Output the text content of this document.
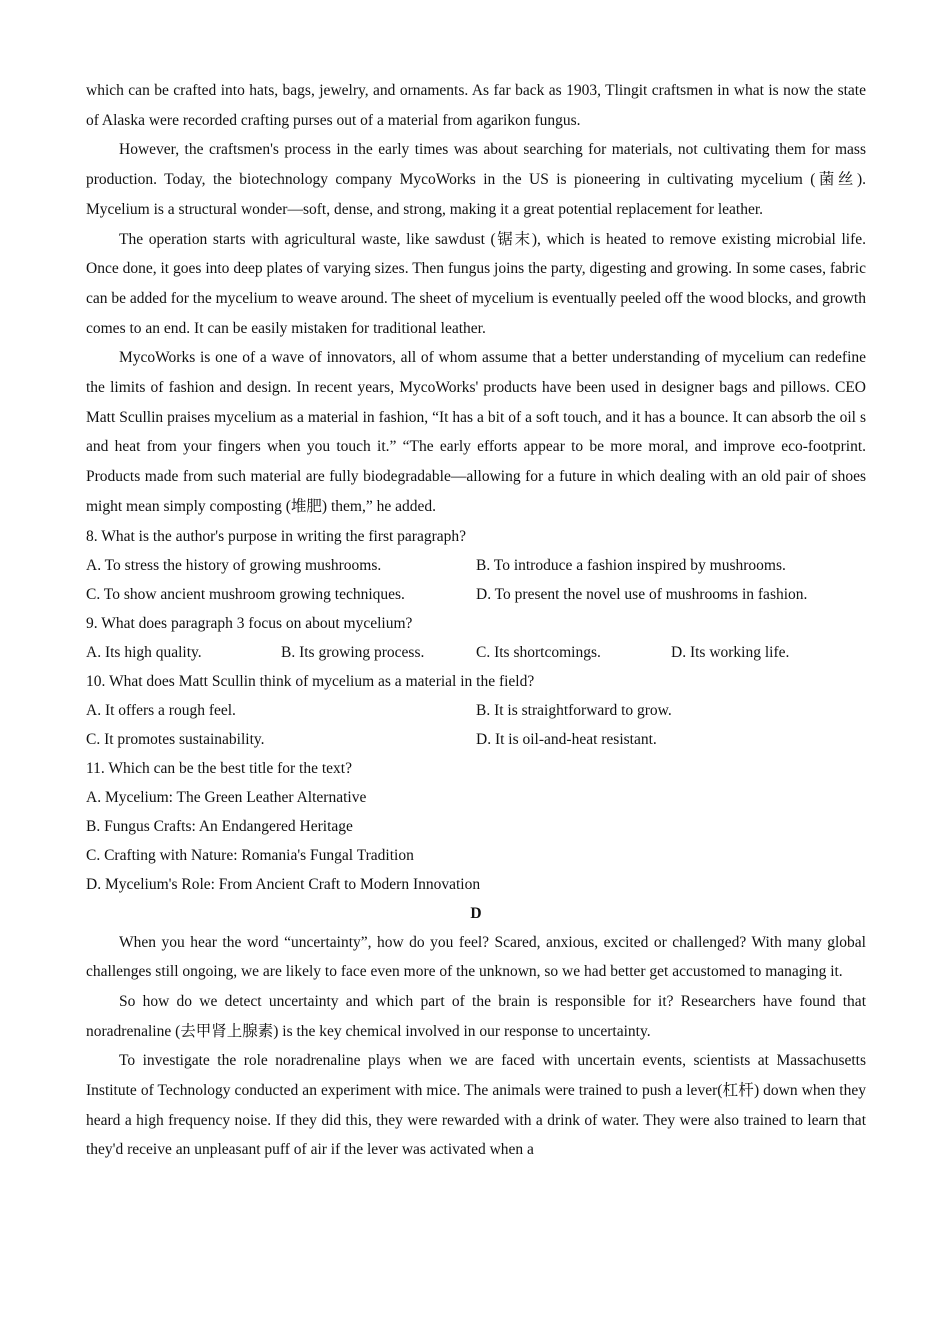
which can be crafted into hats, bags, jewelry, and ornaments. As far back as 1903, Tlingit craftsmen in what is now the state of Alaska were recorded crafting purses out of a material from agarikon fungus.

However, the craftsmen's process in the early times was about searching for materials, not cultivating them for mass production. Today, the biotechnology company MycoWorks in the US is pioneering in cultivating mycelium (菌丝). Mycelium is a structural wonder—soft, dense, and strong, making it a great potential replacement for leather.

The operation starts with agricultural waste, like sawdust (锯末), which is heated to remove existing microbial life. Once done, it goes into deep plates of varying sizes. Then fungus joins the party, digesting and growing. In some cases, fabric can be added for the mycelium to weave around. The sheet of mycelium is eventually peeled off the wood blocks, and growth comes to an end. It can be easily mistaken for traditional leather.

MycoWorks is one of a wave of innovators, all of whom assume that a better understanding of mycelium can redefine the limits of fashion and design. In recent years, MycoWorks' products have been used in designer bags and pillows. CEO Matt Scullin praises mycelium as a material in fashion, “It has a bit of a soft touch, and it has a bounce. It can absorb the oil s and heat from your fingers when you touch it.” “The early efforts appear to be more moral, and improve eco-footprint. Products made from such material are fully biodegradable—allowing for a future in which dealing with an old pair of shoes might mean simply composting (堆肥) them,” he added.

8. What is the author's purpose in writing the first paragraph?
A. To stress the history of growing mushrooms.	B. To introduce a fashion inspired by mushrooms.
C. To show ancient mushroom growing techniques.	D. To present the novel use of mushrooms in fashion.
9. What does paragraph 3 focus on about mycelium?
A. Its high quality.	B. Its growing process.	C. Its shortcomings.	D. Its working life.
10. What does Matt Scullin think of mycelium as a material in the field?
A. It offers a rough feel.	B. It is straightforward to grow.
C. It promotes sustainability.	D. It is oil-and-heat resistant.
11. Which can be the best title for the text?
A. Mycelium: The Green Leather Alternative
B. Fungus Crafts: An Endangered Heritage
C. Crafting with Nature: Romania's Fungal Tradition
D. Mycelium's Role: From Ancient Craft to Modern Innovation
D

When you hear the word “uncertainty”, how do you feel? Scared, anxious, excited or challenged? With many global challenges still ongoing, we are likely to face even more of the unknown, so we had better get accustomed to managing it.

So how do we detect uncertainty and which part of the brain is responsible for it? Researchers have found that noradrenaline (去甲肾上腺素) is the key chemical involved in our response to uncertainty.

To investigate the role noradrenaline plays when we are faced with uncertain events, scientists at Massachusetts Institute of Technology conducted an experiment with mice. The animals were trained to push a lever(杠杆) down when they heard a high frequency noise. If they did this, they were rewarded with a drink of water. They were also trained to learn that they'd receive an unpleasant puff of air if the lever was activated when a
